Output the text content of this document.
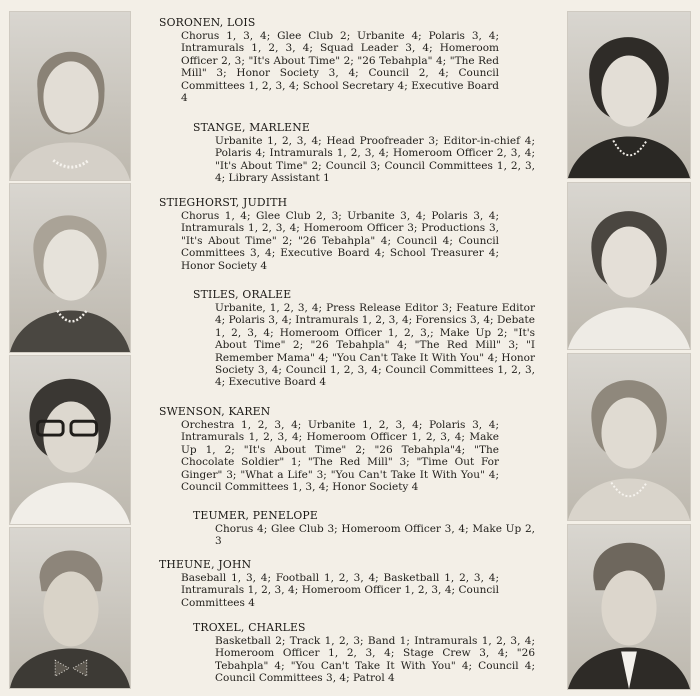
SORONEN, LOIS

Chorus 1, 3, 4; Glee Club 2; Urbanite 4; Polaris 3, 4; Intramurals 1, 2, 3, 4; Squad Leader 3, 4; Homeroom Officer 2, 3; "It's About Time" 2; "26 Tebahpla" 4; "The Red Mill" 3; Honor Society 3, 4; Council 2, 4; Council Committees 1, 2, 3, 4; School Secretary 4; Executive Board 4

STANGE, MARLENE

Urbanite 1, 2, 3, 4; Head Proofreader 3; Editor-in-chief 4; Polaris 4; Intramurals 1, 2, 3, 4; Homeroom Officer 2, 3, 4; "It's About Time" 2; Council 3; Council Committees 1, 2, 3, 4; Library Assistant 1

STIEGHORST, JUDITH

Chorus 1, 4; Glee Club 2, 3; Urbanite 3, 4; Polaris 3, 4; Intramurals 1, 2, 3, 4; Homeroom Officer 3; Productions 3, "It's About Time" 2; "26 Tebahpla" 4; Council 4; Council Committees 3, 4; Executive Board 4; School Treasurer 4; Honor Society 4

STILES, ORALEE

Urbanite, 1, 2, 3, 4; Press Release Editor 3; Feature Editor 4; Polaris 3, 4; Intramurals 1, 2, 3, 4; Forensics 3, 4; Debate 1, 2, 3, 4; Homeroom Officer 1, 2, 3,; Make Up 2; "It's About Time" 2; "26 Tebahpla" 4; "The Red Mill" 3; "I Remember Mama" 4; "You Can't Take It With You" 4; Honor Society 3, 4; Council 1, 2, 3, 4; Council Committees 1, 2, 3, 4; Executive Board 4

SWENSON, KAREN

Orchestra 1, 2, 3, 4; Urbanite 1, 2, 3, 4; Polaris 3, 4; Intramurals 1, 2, 3, 4; Homeroom Officer 1, 2, 3, 4; Make Up 1, 2; "It's About Time" 2; "26 Tebahpla"4; "The Chocolate Soldier" 1; "The Red Mill" 3; "Time Out For Ginger" 3; "What a Life" 3; "You Can't Take It With You" 4; Council Committees 1, 3, 4; Honor Society 4

TEUMER, PENELOPE

Chorus 4; Glee Club 3; Homeroom Officer 3, 4; Make Up 2, 3

THEUNE, JOHN

Baseball 1, 3, 4; Football 1, 2, 3, 4; Basketball 1, 2, 3, 4; Intramurals 1, 2, 3, 4; Homeroom Officer 1, 2, 3, 4; Council Committees 4

TROXEL, CHARLES

Basketball 2; Track 1, 2, 3; Band 1; Intramurals 1, 2, 3, 4; Homeroom Officer 1, 2, 3, 4; Stage Crew 3, 4; "26 Tebahpla" 4; "You Can't Take It With You" 4; Council 4; Council Committees 3, 4; Patrol 4
